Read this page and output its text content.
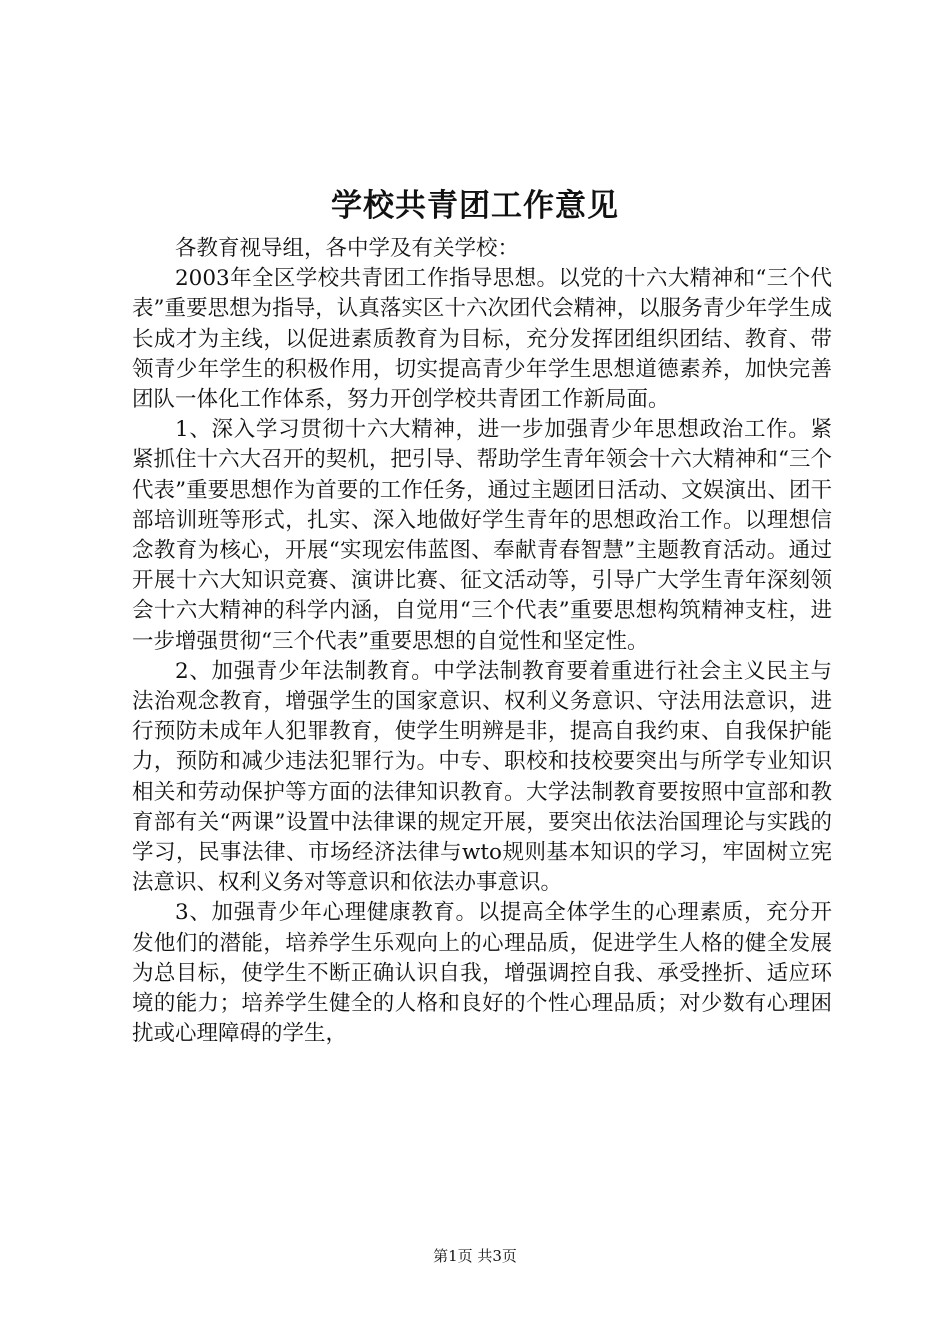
学校共青团工作意见

各教育视导组，各中学及有关学校：

2003年全区学校共青团工作指导思想。以党的十六大精神和“三个代表”重要思想为指导，认真落实区十六次团代会精神，以服务青少年学生成长成才为主线，以促进素质教育为目标，充分发挥团组织团结、教育、带领青少年学生的积极作用，切实提高青少年学生思想道德素养，加快完善团队一体化工作体系，努力开创学校共青团工作新局面。

1、深入学习贯彻十六大精神，进一步加强青少年思想政治工作。紧紧抓住十六大召开的契机，把引导、帮助学生青年领会十六大精神和“三个代表”重要思想作为首要的工作任务，通过主题团日活动、文娱演出、团干部培训班等形式，扎实、深入地做好学生青年的思想政治工作。以理想信念教育为核心，开展“实现宏伟蓝图、奉献青春智慧”主题教育活动。通过开展十六大知识竞赛、演讲比赛、征文活动等，引导广大学生青年深刻领会十六大精神的科学内涵，自觉用“三个代表”重要思想构筑精神支柱，进一步增强贯彻“三个代表”重要思想的自觉性和坚定性。

2、加强青少年法制教育。中学法制教育要着重进行社会主义民主与法治观念教育，增强学生的国家意识、权利义务意识、守法用法意识，进行预防未成年人犯罪教育，使学生明辨是非，提高自我约束、自我保护能力，预防和减少违法犯罪行为。中专、职校和技校要突出与所学专业知识相关和劳动保护等方面的法律知识教育。大学法制教育要按照中宣部和教育部有关“两课”设置中法律课的规定开展，要突出依法治国理论与实践的学习，民事法律、市场经济法律与wto规则基本知识的学习，牢固树立宪法意识、权利义务对等意识和依法办事意识。

3、加强青少年心理健康教育。以提高全体学生的心理素质，充分开发他们的潜能，培养学生乐观向上的心理品质，促进学生人格的健全发展为总目标，使学生不断正确认识自我，增强调控自我、承受挫折、适应环境的能力；培养学生健全的人格和良好的个性心理品质；对少数有心理困扰或心理障碍的学生，

第1页 共3页
